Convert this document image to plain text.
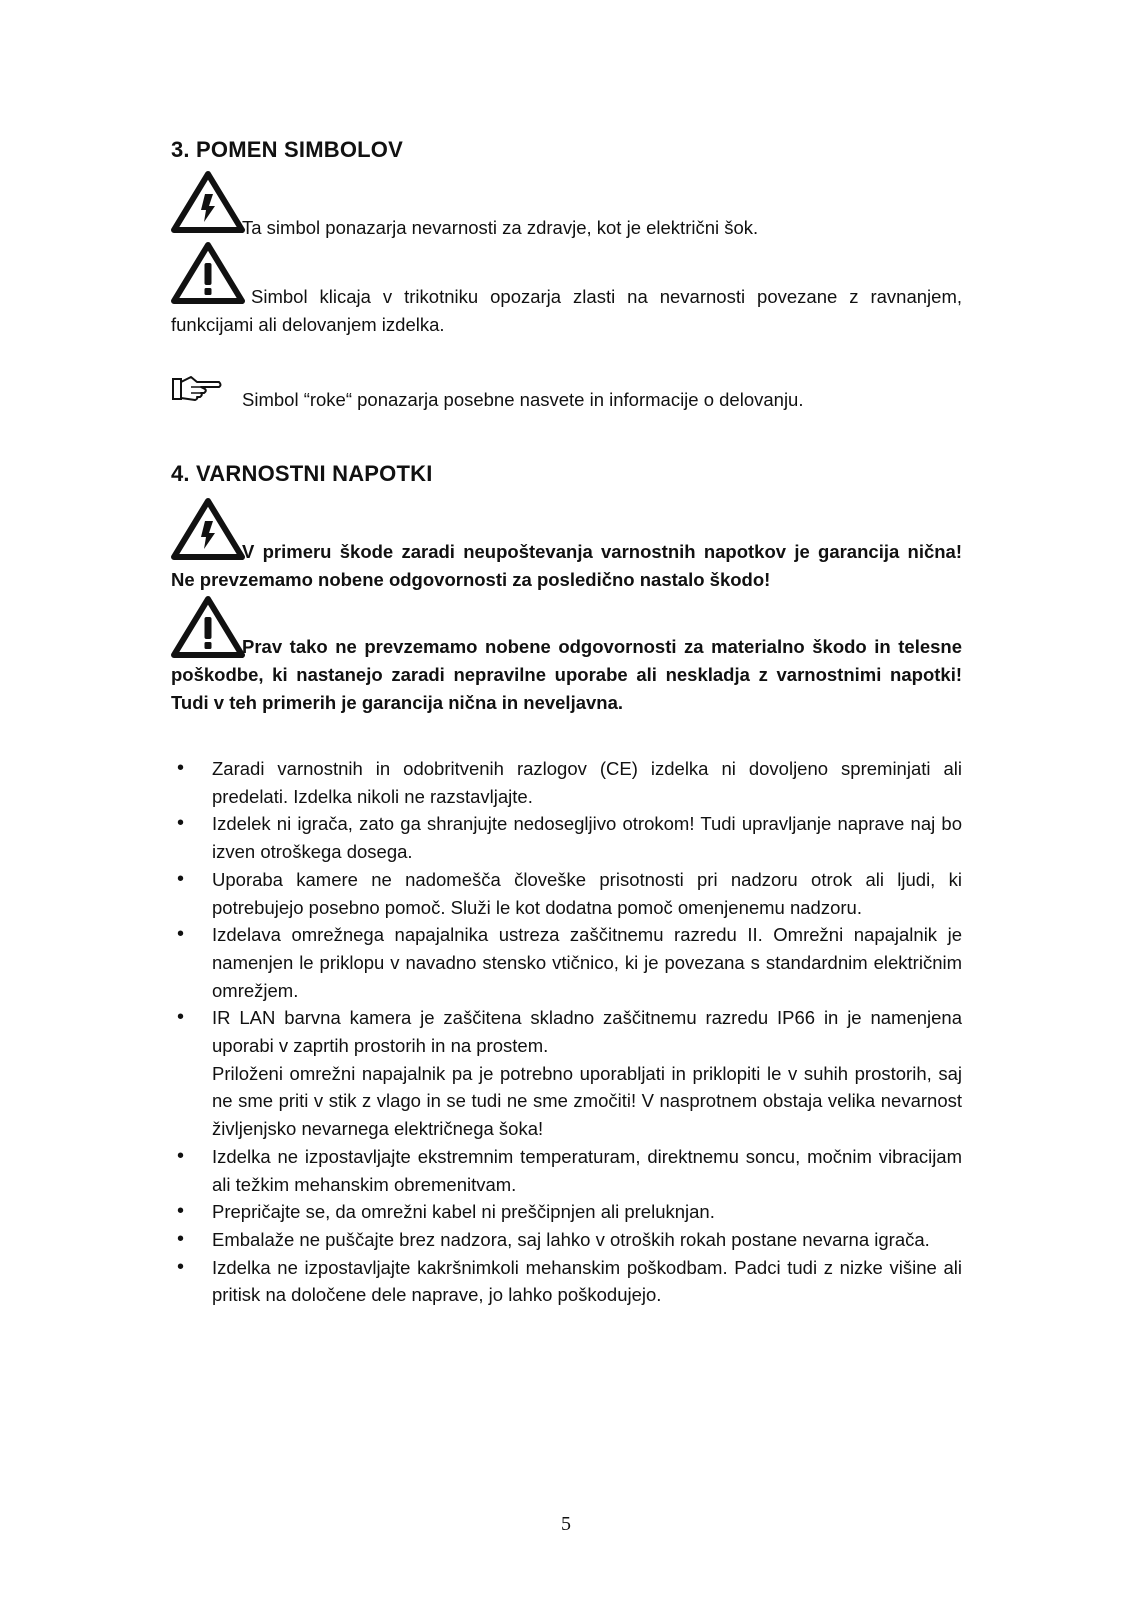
3. POMEN SIMBOLOV

Ta simbol ponazarja nevarnosti za zdravje, kot je električni šok.

Simbol klicaja v trikotniku opozarja zlasti na nevarnosti povezane z ravnanjem, funkcijami ali delovanjem izdelka.

Simbol “roke“ ponazarja posebne nasvete in informacije o delovanju.

4. VARNOSTNI NAPOTKI

V primeru škode zaradi neupoštevanja varnostnih napotkov je garancija nična! Ne prevzemamo nobene odgovornosti za posledično nastalo škodo!

Prav tako ne prevzemamo nobene odgovornosti za materialno škodo in telesne poškodbe, ki nastanejo zaradi nepravilne uporabe ali neskladja z varnostnimi napotki! Tudi v teh primerih je garancija nična in neveljavna.

• Zaradi varnostnih in odobritvenih razlogov (CE) izdelka ni dovoljeno spreminjati ali predelati. Izdelka nikoli ne razstavljajte.
• Izdelek ni igrača, zato ga shranjujte nedosegljivo otrokom! Tudi upravljanje naprave naj bo izven otroškega dosega.
• Uporaba kamere ne nadomešča človeške prisotnosti pri nadzoru otrok ali ljudi, ki potrebujejo posebno pomoč. Služi le kot dodatna pomoč omenjenemu nadzoru.
• Izdelava omrežnega napajalnika ustreza zaščitnemu razredu II. Omrežni napajalnik je namenjen le priklopu v navadno stensko vtičnico, ki je povezana s standardnim električnim omrežjem.
• IR LAN barvna kamera je zaščitena skladno zaščitnemu razredu IP66 in je namenjena uporabi v zaprtih prostorih in na prostem.
Priloženi omrežni napajalnik pa je potrebno uporabljati in priklopiti le v suhih prostorih, saj ne sme priti v stik z vlago in se tudi ne sme zmočiti! V nasprotnem obstaja velika nevarnost življenjsko nevarnega električnega šoka!
• Izdelka ne izpostavljajte ekstremnim temperaturam, direktnemu soncu, močnim vibracijam ali težkim mehanskim obremenitvam.
• Prepričajte se, da omrežni kabel ni preščipnjen ali preluknjan.
• Embalaže ne puščajte brez nadzora, saj lahko v otroških rokah postane nevarna igrača.
• Izdelka ne izpostavljajte kakršnimkoli mehanskim poškodbam. Padci tudi z nizke višine ali pritisk na določene dele naprave, jo lahko poškodujejo.
5
